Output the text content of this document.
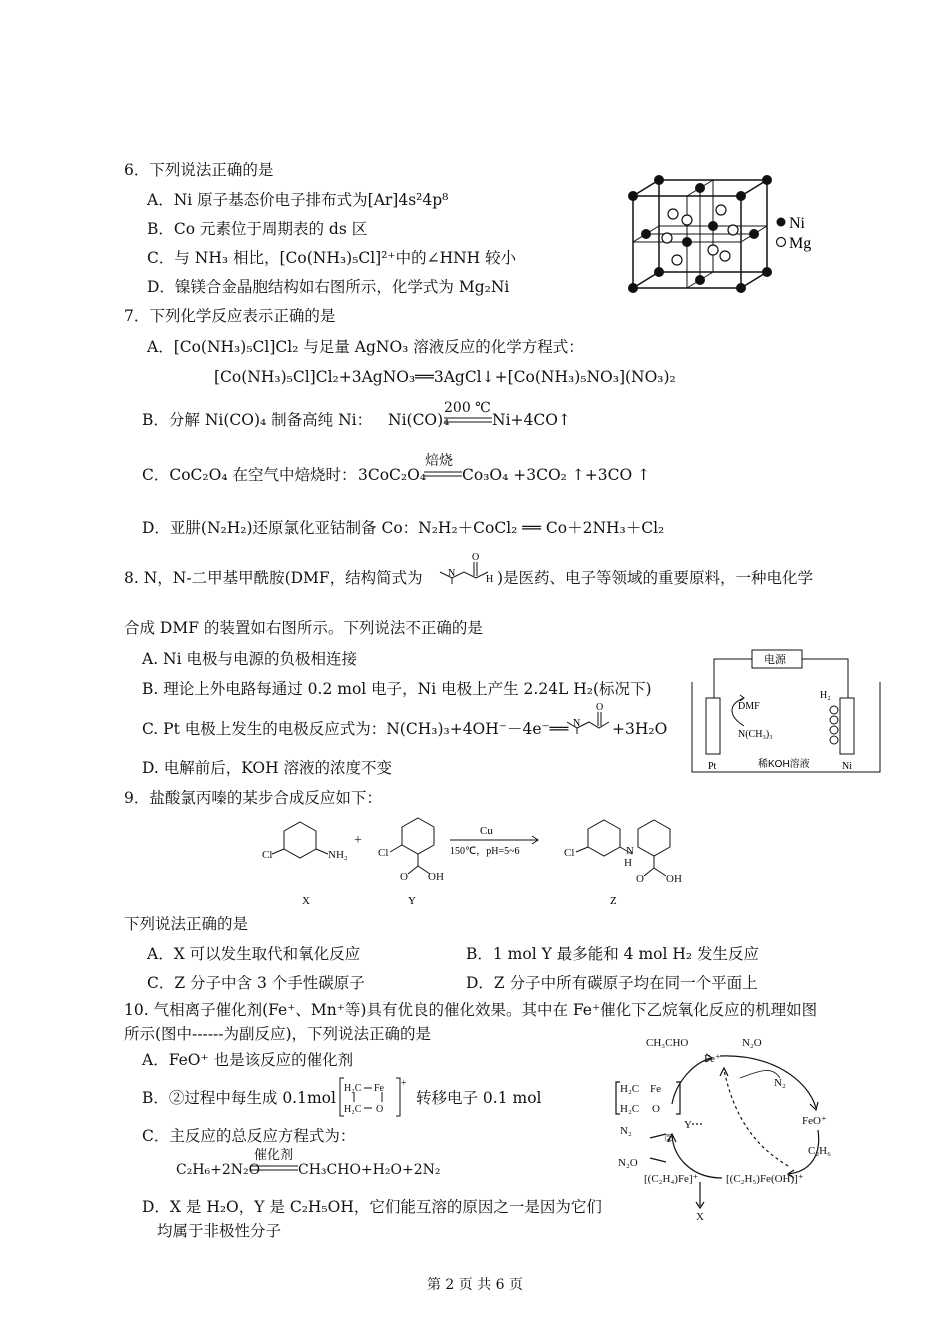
6．下列说法正确的是
A．Ni 原子基态价电子排布式为[Ar]4s²4p⁸
B．Co 元素位于周期表的 ds 区
C．与 NH₃ 相比，[Co(NH₃)₅Cl]²⁺中的∠HNH 较小
D．镍镁合金晶胞结构如右图所示，化学式为 Mg₂Ni
Ni
Mg
7．下列化学反应表示正确的是
A．[Co(NH₃)₅Cl]Cl₂ 与足量 AgNO₃ 溶液反应的化学方程式：
[Co(NH₃)₅Cl]Cl₂+3AgNO₃══3AgCl↓+[Co(NH₃)₅NO₃](NO₃)₂
B．分解 Ni(CO)₄ 制备高纯 Ni： Ni(CO)₄
200 ℃
Ni+4CO↑
C．CoC₂O₄ 在空气中焙烧时： 3CoC₂O₄
焙烧
Co₃O₄ +3CO₂ ↑+3CO ↑
D．亚肼(N₂H₂)还原氯化亚钴制备 Co：N₂H₂＋CoCl₂ ══ Co＋2NH₃＋Cl₂
8. N，N-二甲基甲酰胺(DMF，结构简式为
O
N
H )是医药、电子等领域的重要原料，一种电化学
合成 DMF 的装置如右图所示。下列说法不正确的是
A. Ni 电极与电源的负极相连接
B. 理论上外电路每通过 0.2 mol 电子，Ni 电极上产生 2.24L H₂(标况下)
C. Pt 电极上发生的电极反应式为：N(CH₃)₃+4OH⁻－4e⁻══
O
N +3H₂O
D. 电解前后，KOH 溶液的浓度不变
电源
DMF
N(CH₃)₃
H₂
Pt	稀KOH溶液	Ni
9．盐酸氯丙嗪的某步合成反应如下：
Cl	NH₂
+
Cl
O OH
Cl	N
H
O OH
Cu
150℃，pH=5~6
X	Y	Z
下列说法正确的是
A．X 可以发生取代和氧化反应	B．1 mol Y 最多能和 4 mol H₂ 发生反应
C．Z 分子中含 3 个手性碳原子	D．Z 分子中所有碳原子均在同一个平面上
10. 气相离子催化剂(Fe⁺、Mn⁺等)具有优良的催化效果。其中在 Fe⁺催化下乙烷氧化反应的机理如图
所示(图中------为副反应)，下列说法正确的是
A．FeO⁺ 也是该反应的催化剂
B．②过程中每生成 0.1mol
H₂C Fe
H₂C O
+
转移电子 0.1 mol
C．主反应的总反应方程式为：
C₂H₆+2N₂O
催化剂
CH₃CHO+H₂O+2N₂
D．X 是 H₂O，Y 是 C₂H₅OH，它们能互溶的原因之一是因为它们
均属于非极性分子
CH₃CHO
Fe⁺
N₂O
N₂
FeO⁺
C₂H₆
H₂C Fe
H₂C O
Y
N₂
②
N₂O
[(C₂H₄)Fe]⁺	[(C₂H₅)Fe(OH)]⁺
X
第 2 页 共 6 页
